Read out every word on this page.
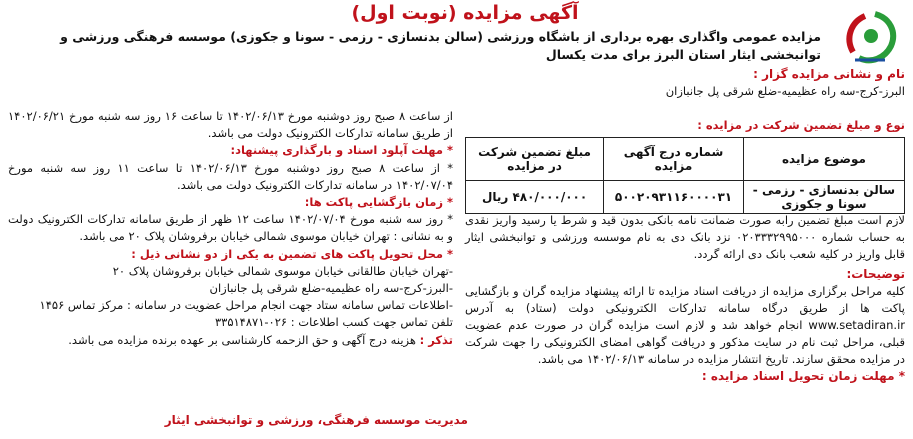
آگهی مزایده (نوبت اول)
مزایده عمومی واگذاری بهره برداری از باشگاه ورزشی (سالن بدنسازی - رزمی - سونا و جکوزی) موسسه فرهنگی ورزشی و توانبخشی ایثار استان البرز برای مدت یکسال
نام و نشانی مزایده گزار :
البرز-کرج-سه راه عظیمیه-ضلع شرقی پل جانبازان
نوع و مبلغ تضمین شرکت در مزایده :
موضوع مزایده	شماره درج آگهی مزایده	مبلغ تضمین شرکت در مزایده
سالن بدنسازی - رزمی - سونا و جکوزی	۵۰۰۲۰۹۳۱۱۶۰۰۰۰۳۱	۴۸۰/۰۰۰/۰۰۰ ریال
لازم است مبلغ تضمین رابه صورت ضمانت نامه بانکی بدون قید و شرط یا رسید واریز نقدی به حساب شماره ۰۲۰۳۳۳۲۹۹۵۰۰۰ نزد بانک دی به نام موسسه ورزشی و توانبخشی ایثار قابل واریز در کلیه شعب بانک دی ارائه گردد.
توضیحات:
کلیه مراحل برگزاری مزایده از دریافت اسناد مزایده تا ارائه پیشنهاد مزایده گران و بازگشایی پاکت ها از طریق درگاه سامانه تدارکات الکترونیکی دولت (ستاد) به آدرس www.setadiran.ir انجام خواهد شد و لازم است مزایده گران در صورت عدم عضویت قبلی، مراحل ثبت نام در سایت مذکور و دریافت گواهی امضای الکترونیکی را جهت شرکت در مزایده محقق سازند. تاریخ انتشار مزایده در سامانه ۱۴۰۲/۰۶/۱۳ می باشد.
* مهلت زمان تحویل اسناد مزایده :
از ساعت ۸ صبح روز دوشنبه مورخ ۱۴۰۲/۰۶/۱۳ تا ساعت ۱۶ روز سه شنبه مورخ ۱۴۰۲/۰۶/۲۱ از طریق سامانه تدارکات الکترونیک دولت می باشد.
* مهلت آپلود اسناد و بارگذاری پیشنهاد:
* از ساعت ۸ صبح روز دوشنبه مورخ ۱۴۰۲/۰۶/۱۳ تا ساعت ۱۱ روز سه شنبه مورخ ۱۴۰۲/۰۷/۰۴ در سامانه تدارکات الکترونیک دولت می باشد.
* زمان بازگشایی پاکت ها:
* روز سه شنبه مورخ ۱۴۰۲/۰۷/۰۴ ساعت ۱۲ ظهر از طریق سامانه تدارکات الکترونیک دولت و به نشانی : تهران خیابان موسوی شمالی خیابان برفروشان پلاک ۲۰ می باشد.
* محل تحویل پاکت های تضمین به یکی از دو نشانی ذیل :
-تهران خیابان طالقانی خیابان موسوی شمالی خیابان برفروشان پلاک ۲۰
-البرز-کرج-سه راه عظیمیه-ضلع شرقی پل جانبازان
-اطلاعات تماس سامانه ستاد جهت انجام مراحل عضویت در سامانه : مرکز تماس ۱۴۵۶
تلفن تماس جهت کسب اطلاعات : ۰۲۶-۳۳۵۱۴۸۷۱
تذکر : هزینه درج آگهی و حق الزحمه کارشناسی بر عهده برنده مزایده می باشد.
مدیریت موسسه فرهنگی، ورزشی و توانبخشی ایثار
